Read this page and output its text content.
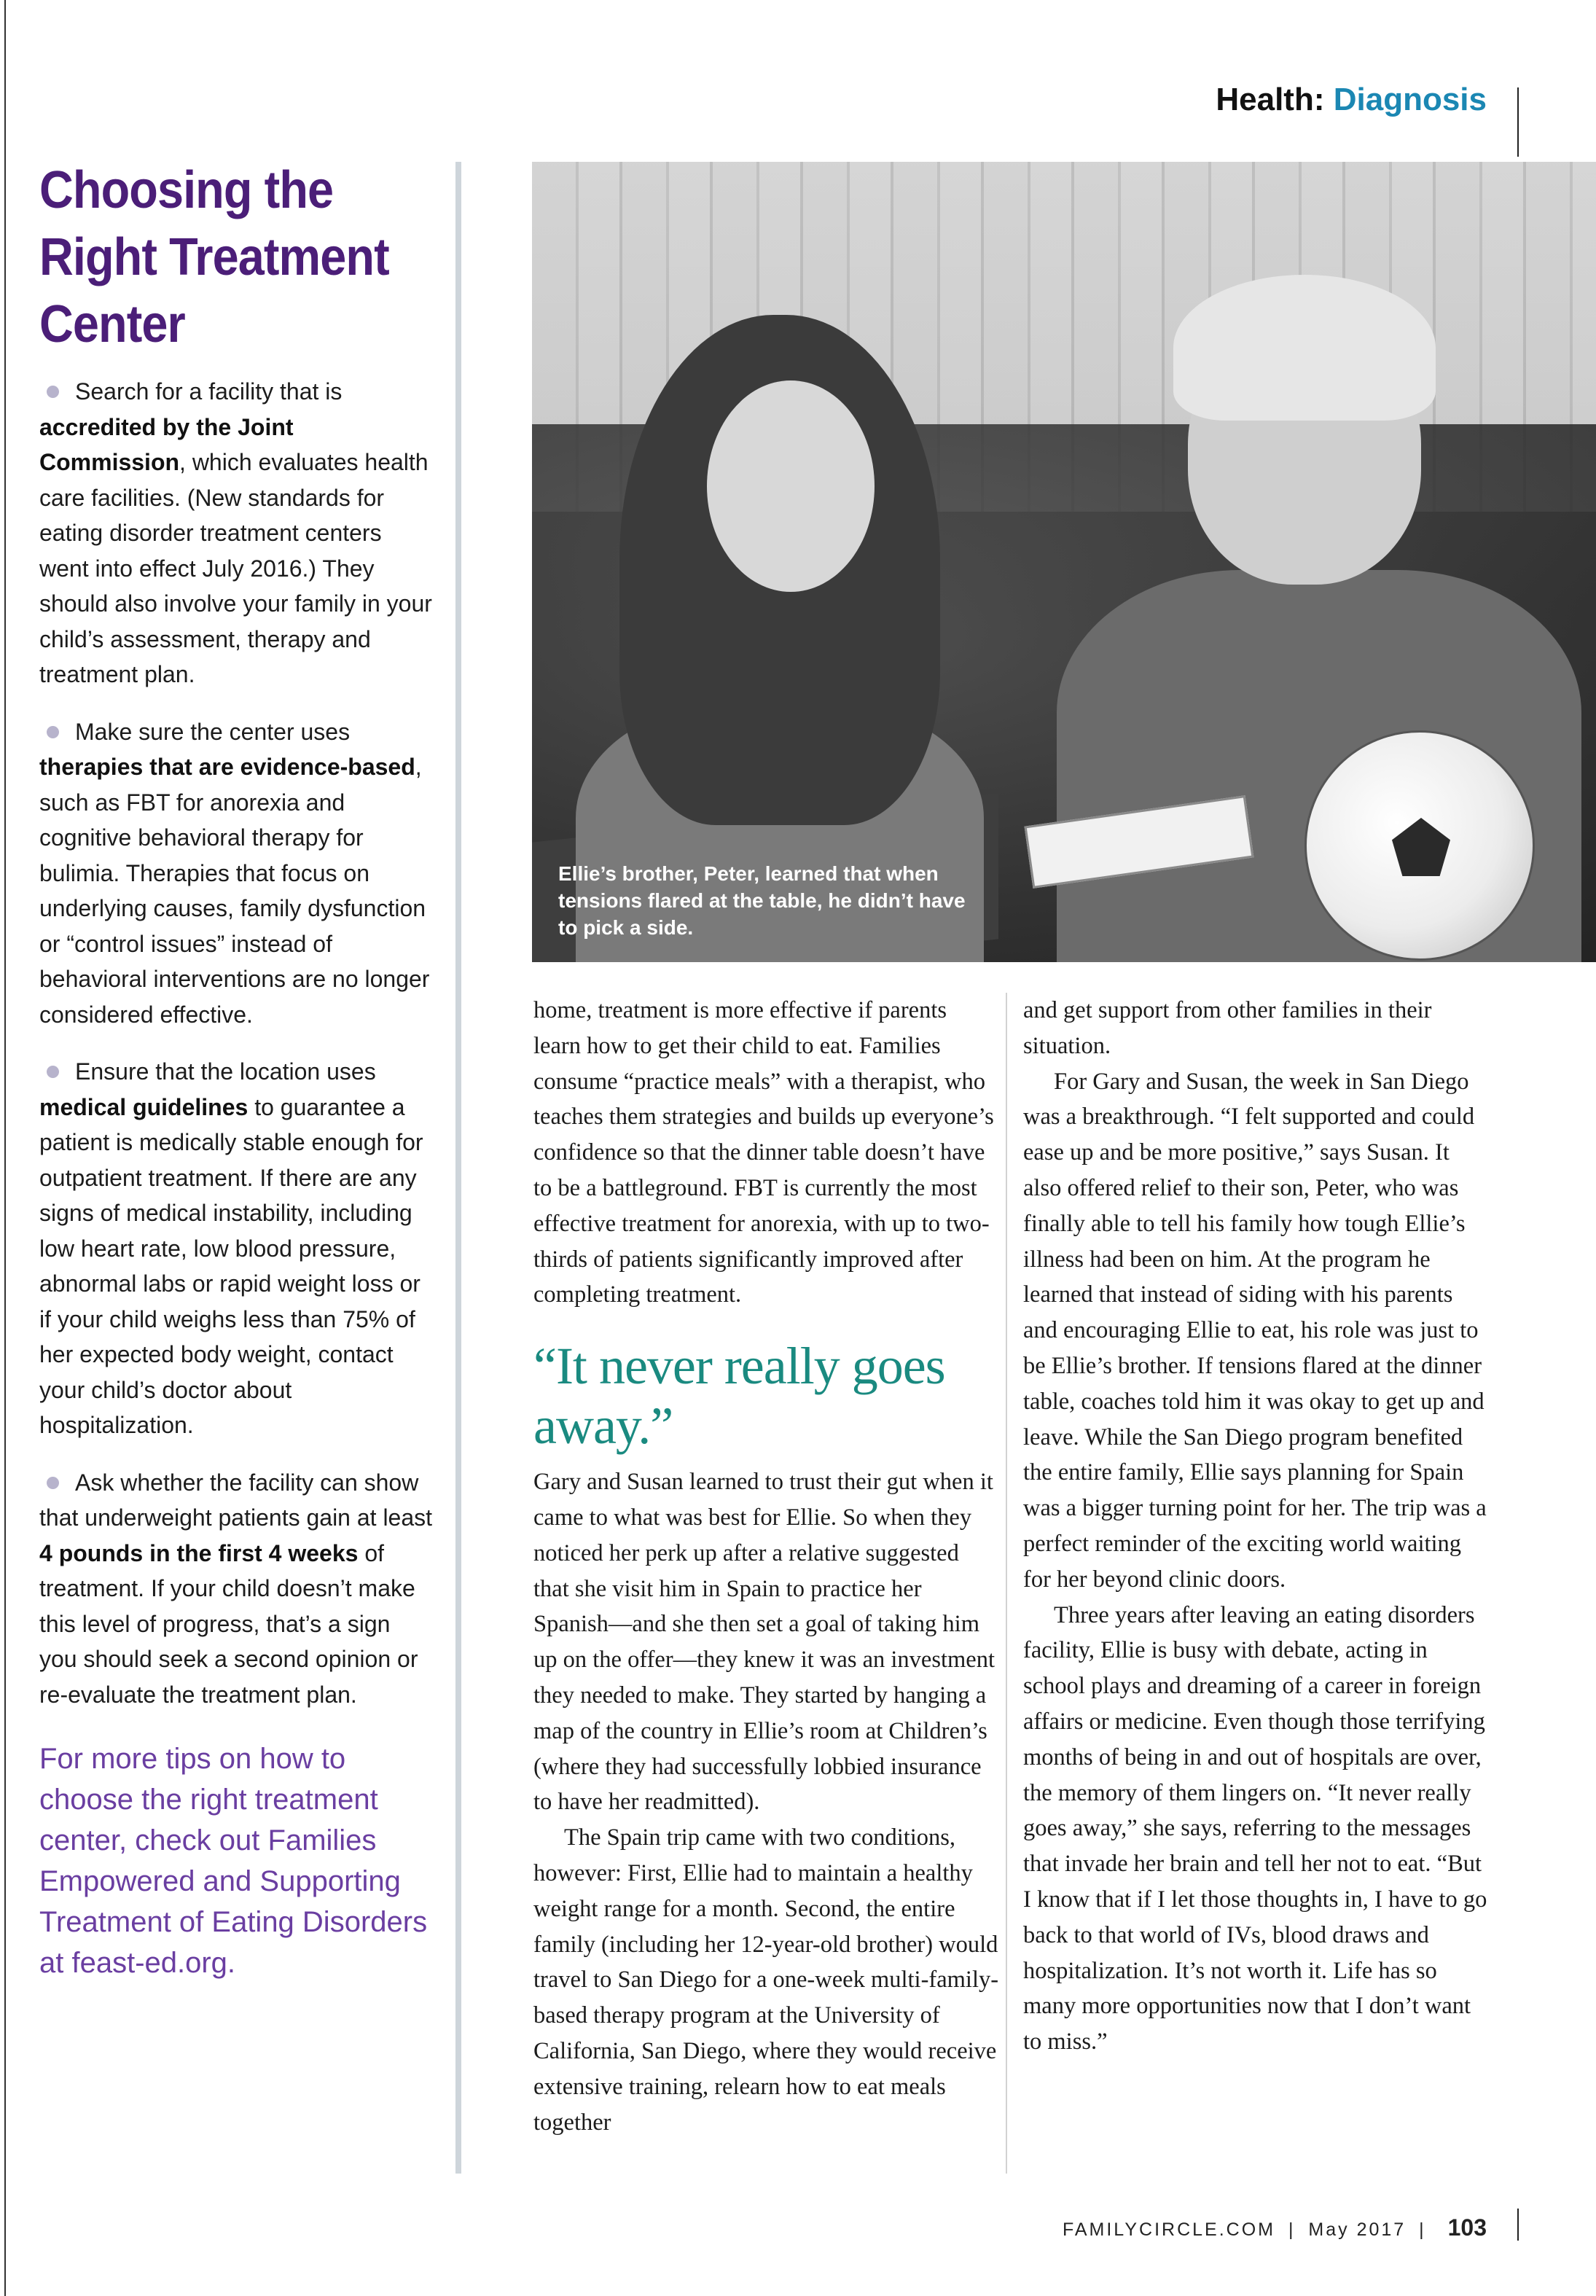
Health: Diagnosis
Choosing the Right Treatment Center

Search for a facility that is accredited by the Joint Commission, which evaluates health care facilities. (New standards for eating disorder treatment centers went into effect July 2016.) They should also involve your family in your child’s assessment, therapy and treatment plan.

Make sure the center uses therapies that are evidence-based, such as FBT for anorexia and cognitive behavioral therapy for bulimia. Therapies that focus on underlying causes, family dysfunction or “control issues” instead of behavioral interventions are no longer considered effective.

Ensure that the location uses medical guidelines to guarantee a patient is medically stable enough for outpatient treatment. If there are any signs of medical instability, including low heart rate, low blood pressure, abnormal labs or rapid weight loss or if your child weighs less than 75% of her expected body weight, contact your child’s doctor about hospitalization.

Ask whether the facility can show that underweight patients gain at least 4 pounds in the first 4 weeks of treatment. If your child doesn’t make this level of progress, that’s a sign you should seek a second opinion or re-evaluate the treatment plan.

For more tips on how to choose the right treatment center, check out Families Empowered and Supporting Treatment of Eating Disorders at feast-ed.org.
Ellie’s brother, Peter, learned that when tensions flared at the table, he didn’t have to pick a side.

home, treatment is more effective if parents learn how to get their child to eat. Families consume “practice meals” with a therapist, who teaches them strategies and builds up everyone’s confidence so that the dinner table doesn’t have to be a battleground. FBT is currently the most effective treatment for anorexia, with up to two-thirds of patients significantly improved after completing treatment.

“It never really goes away.”

Gary and Susan learned to trust their gut when it came to what was best for Ellie. So when they noticed her perk up after a relative suggested that she visit him in Spain to practice her Spanish—and she then set a goal of taking him up on the offer—they knew it was an investment they needed to make. They started by hanging a map of the country in Ellie’s room at Children’s (where they had successfully lobbied insurance to have her readmitted).

The Spain trip came with two conditions, however: First, Ellie had to maintain a healthy weight range for a month. Second, the entire family (including her 12-year-old brother) would travel to San Diego for a one-week multi-family-based therapy program at the University of California, San Diego, where they would receive extensive training, relearn how to eat meals together

and get support from other families in their situation.

For Gary and Susan, the week in San Diego was a breakthrough. “I felt supported and could ease up and be more positive,” says Susan. It also offered relief to their son, Peter, who was finally able to tell his family how tough Ellie’s illness had been on him. At the program he learned that instead of siding with his parents and encouraging Ellie to eat, his role was just to be Ellie’s brother. If tensions flared at the dinner table, coaches told him it was okay to get up and leave. While the San Diego program benefited the entire family, Ellie says planning for Spain was a bigger turning point for her. The trip was a perfect reminder of the exciting world waiting for her beyond clinic doors.

Three years after leaving an eating disorders facility, Ellie is busy with debate, acting in school plays and dreaming of a career in foreign affairs or medicine. Even though those terrifying months of being in and out of hospitals are over, the memory of them lingers on. “It never really goes away,” she says, referring to the messages that invade her brain and tell her not to eat. “But I know that if I let those thoughts in, I have to go back to that world of IVs, blood draws and hospitalization. It’s not worth it. Life has so many more opportunities now that I don’t want to miss.”

FAMILYCIRCLE.COM | May 2017 | 103
